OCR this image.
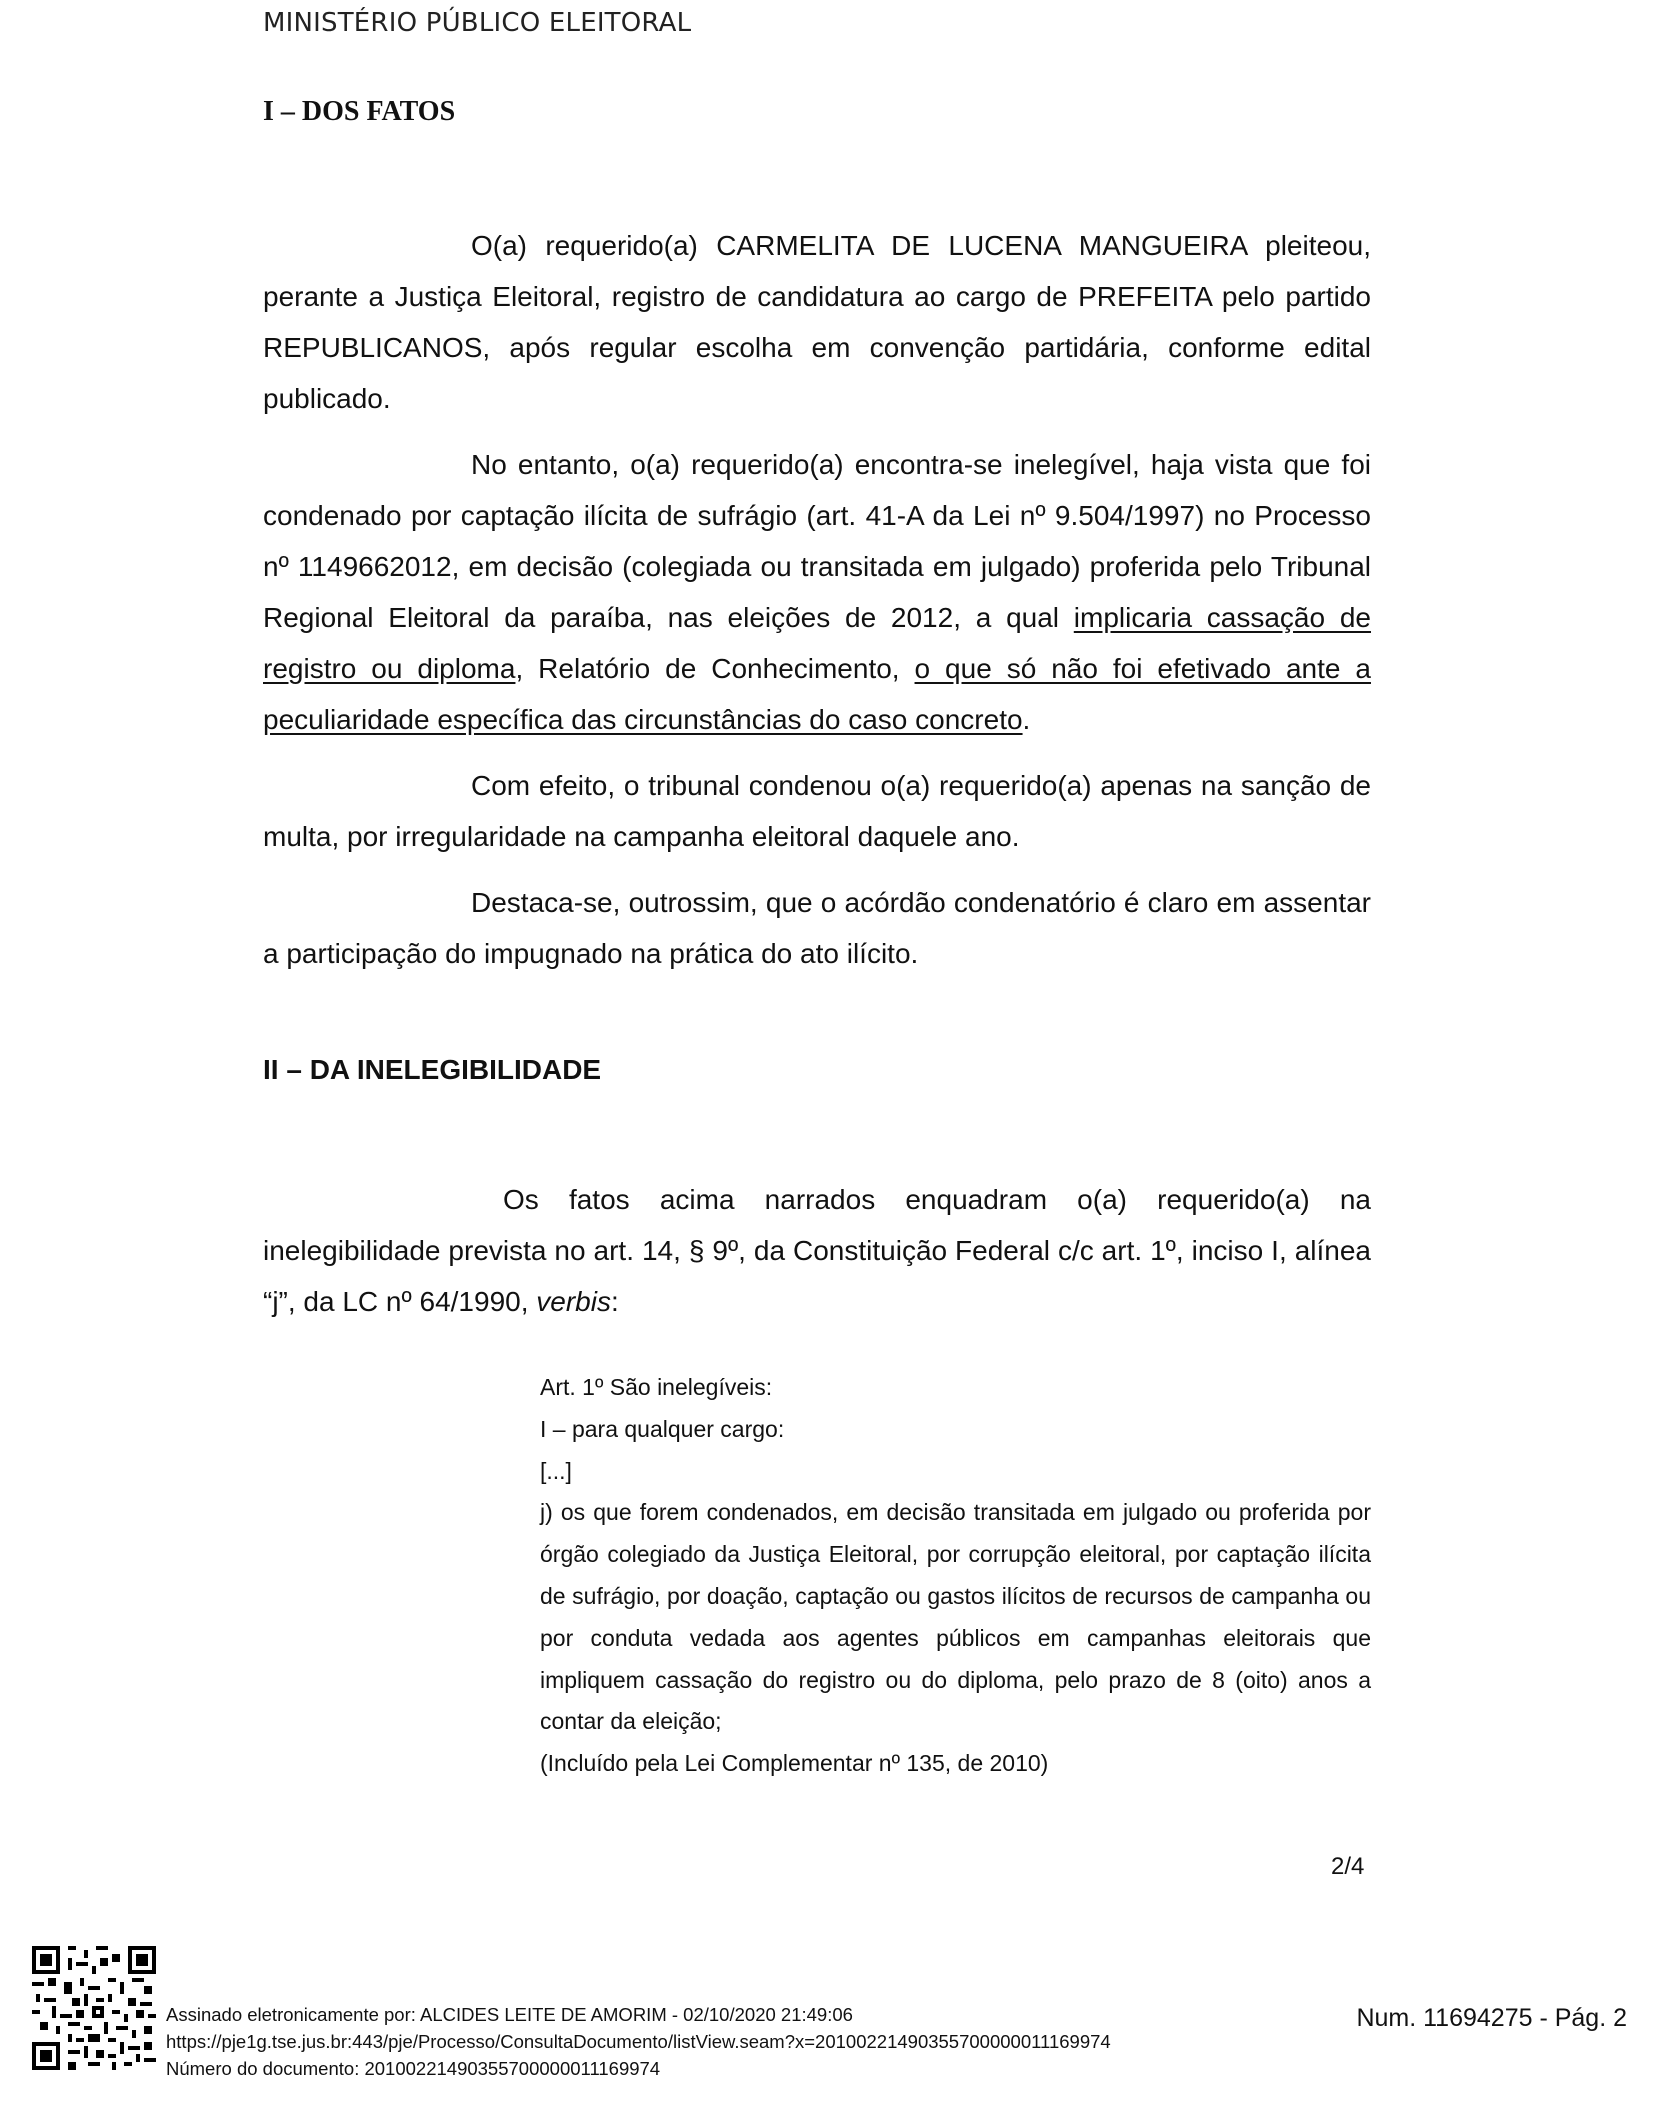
MINISTÉRIO PÚBLICO ELEITORAL
I – DOS FATOS

O(a) requerido(a) CARMELITA DE LUCENA MANGUEIRA pleiteou, perante a Justiça Eleitoral, registro de candidatura ao cargo de PREFEITA pelo partido REPUBLICANOS, após regular escolha em convenção partidária, conforme edital publicado.

No entanto, o(a) requerido(a) encontra-se inelegível, haja vista que foi condenado por captação ilícita de sufrágio (art. 41-A da Lei nº 9.504/1997) no Processo nº 1149662012, em decisão (colegiada ou transitada em julgado) proferida pelo Tribunal Regional Eleitoral da paraíba, nas eleições de 2012, a qual implicaria cassação de registro ou diploma, Relatório de Conhecimento, o que só não foi efetivado ante a peculiaridade específica das circunstâncias do caso concreto.

Com efeito, o tribunal condenou o(a) requerido(a) apenas na sanção de multa, por irregularidade na campanha eleitoral daquele ano.

Destaca-se, outrossim, que o acórdão condenatório é claro em assentar a participação do impugnado na prática do ato ilícito.

II – DA INELEGIBILIDADE

Os fatos acima narrados enquadram o(a) requerido(a) na inelegibilidade prevista no art. 14, § 9º, da Constituição Federal c/c art. 1º, inciso I, alínea “j”, da LC nº 64/1990, verbis:

Art. 1º São inelegíveis:
I – para qualquer cargo:
[...]
j) os que forem condenados, em decisão transitada em julgado ou proferida por órgão colegiado da Justiça Eleitoral, por corrupção eleitoral, por captação ilícita de sufrágio, por doação, captação ou gastos ilícitos de recursos de campanha ou por conduta vedada aos agentes públicos em campanhas eleitorais que impliquem cassação do registro ou do diploma, pelo prazo de 8 (oito) anos a contar da eleição;
(Incluído pela Lei Complementar nº 135, de 2010)
2/4
Assinado eletronicamente por: ALCIDES LEITE DE AMORIM - 02/10/2020 21:49:06
https://pje1g.tse.jus.br:443/pje/Processo/ConsultaDocumento/listView.seam?x=20100221490355700000011169974
Número do documento: 20100221490355700000011169974
Num. 11694275 - Pág. 2
